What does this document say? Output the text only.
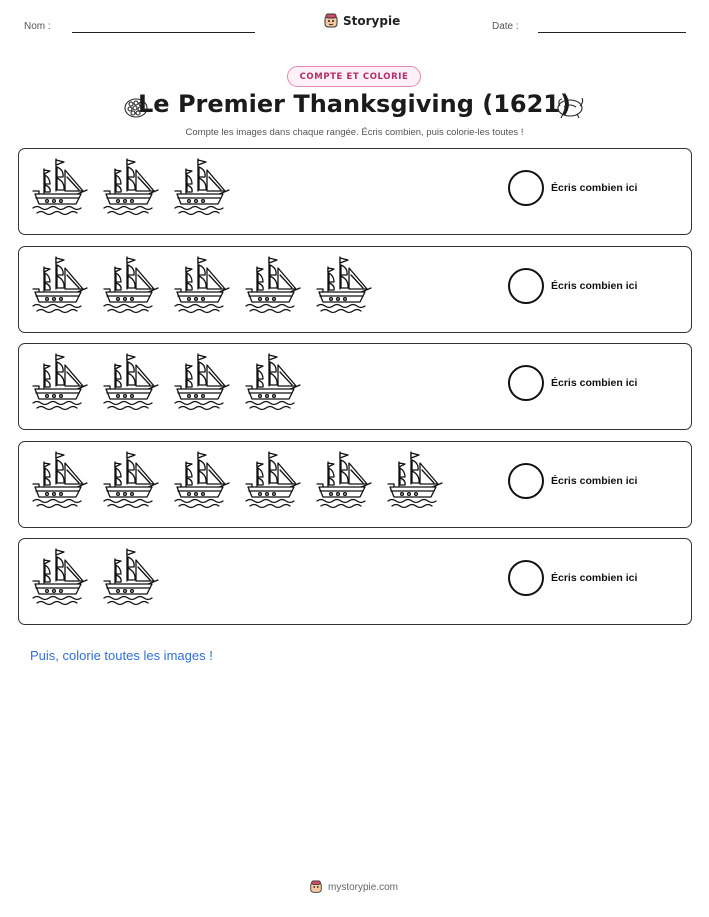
Nom :	Storypie	Date :
COMPTE ET COLORIE
Le Premier Thanksgiving (1621)
Compte les images dans chaque rangée. Écris combien, puis colorie-les toutes !
Écris combien ici
Écris combien ici
Écris combien ici
Écris combien ici
Écris combien ici
Puis, colorie toutes les images !
mystorypie.com
